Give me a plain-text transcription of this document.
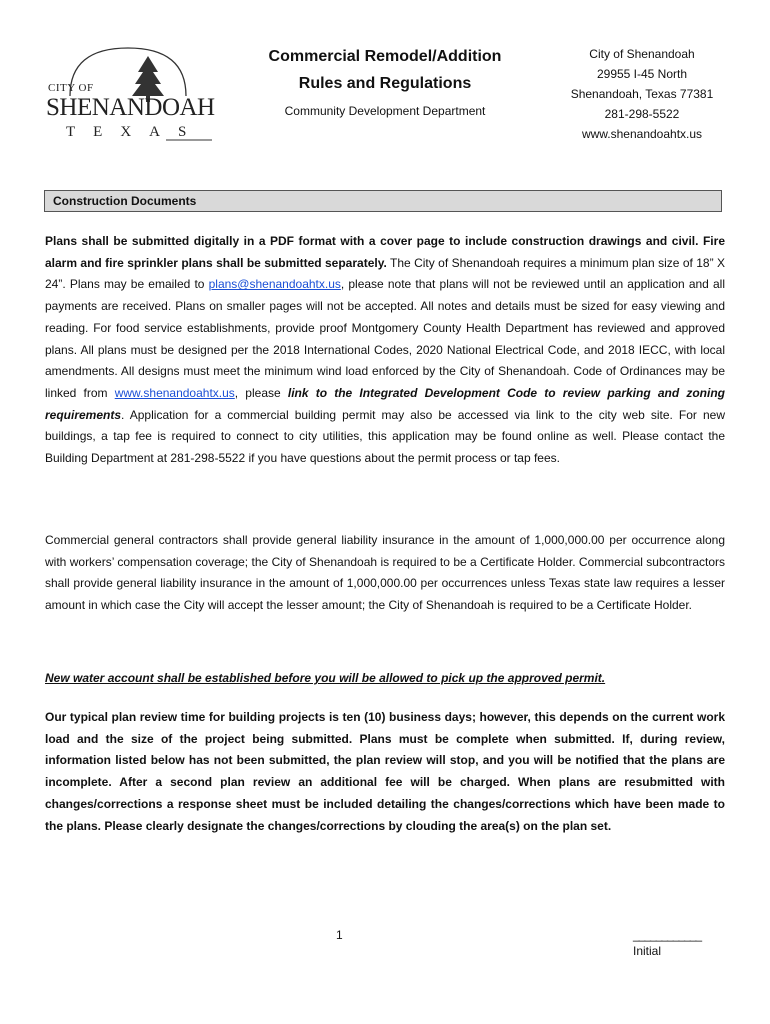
CITY OF
SHENANDOAH
TEXAS
Commercial Remodel/Addition
Rules and Regulations
Community Development Department
City of Shenandoah
29955 I-45 North
Shenandoah, Texas 77381
281-298-5522
www.shenandoahtx.us
Construction Documents

Plans shall be submitted digitally in a PDF format with a cover page to include construction drawings and civil. Fire alarm and fire sprinkler plans shall be submitted separately. The City of Shenandoah requires a minimum plan size of 18” X 24”. Plans may be emailed to plans@shenandoahtx.us, please note that plans will not be reviewed until an application and all payments are received. Plans on smaller pages will not be accepted. All notes and details must be sized for easy viewing and reading. For food service establishments, provide proof Montgomery County Health Department has reviewed and approved plans. All plans must be designed per the 2018 International Codes, 2020 National Electrical Code, and 2018 IECC, with local amendments. All designs must meet the minimum wind load enforced by the City of Shenandoah. Code of Ordinances may be linked from www.shenandoahtx.us, please link to the Integrated Development Code to review parking and zoning requirements. Application for a commercial building permit may also be accessed via link to the city web site. For new buildings, a tap fee is required to connect to city utilities, this application may be found online as well. Please contact the Building Department at 281-298-5522 if you have questions about the permit process or tap fees.

Commercial general contractors shall provide general liability insurance in the amount of 1,000,000.00 per occurrence along with workers’ compensation coverage; the City of Shenandoah is required to be a Certificate Holder. Commercial subcontractors shall provide general liability insurance in the amount of 1,000,000.00 per occurrences unless Texas state law requires a lesser amount in which case the City will accept the lesser amount; the City of Shenandoah is required to be a Certificate Holder.

New water account shall be established before you will be allowed to pick up the approved permit.

Our typical plan review time for building projects is ten (10) business days; however, this depends on the current work load and the size of the project being submitted. Plans must be complete when submitted. If, during review, information listed below has not been submitted, the plan review will stop, and you will be notified that the plans are incomplete. After a second plan review an additional fee will be charged. When plans are resubmitted with changes/corrections a response sheet must be included detailing the changes/corrections which have been made to the plans. Please clearly designate the changes/corrections by clouding the area(s) on the plan set.

1	____________
Initial
